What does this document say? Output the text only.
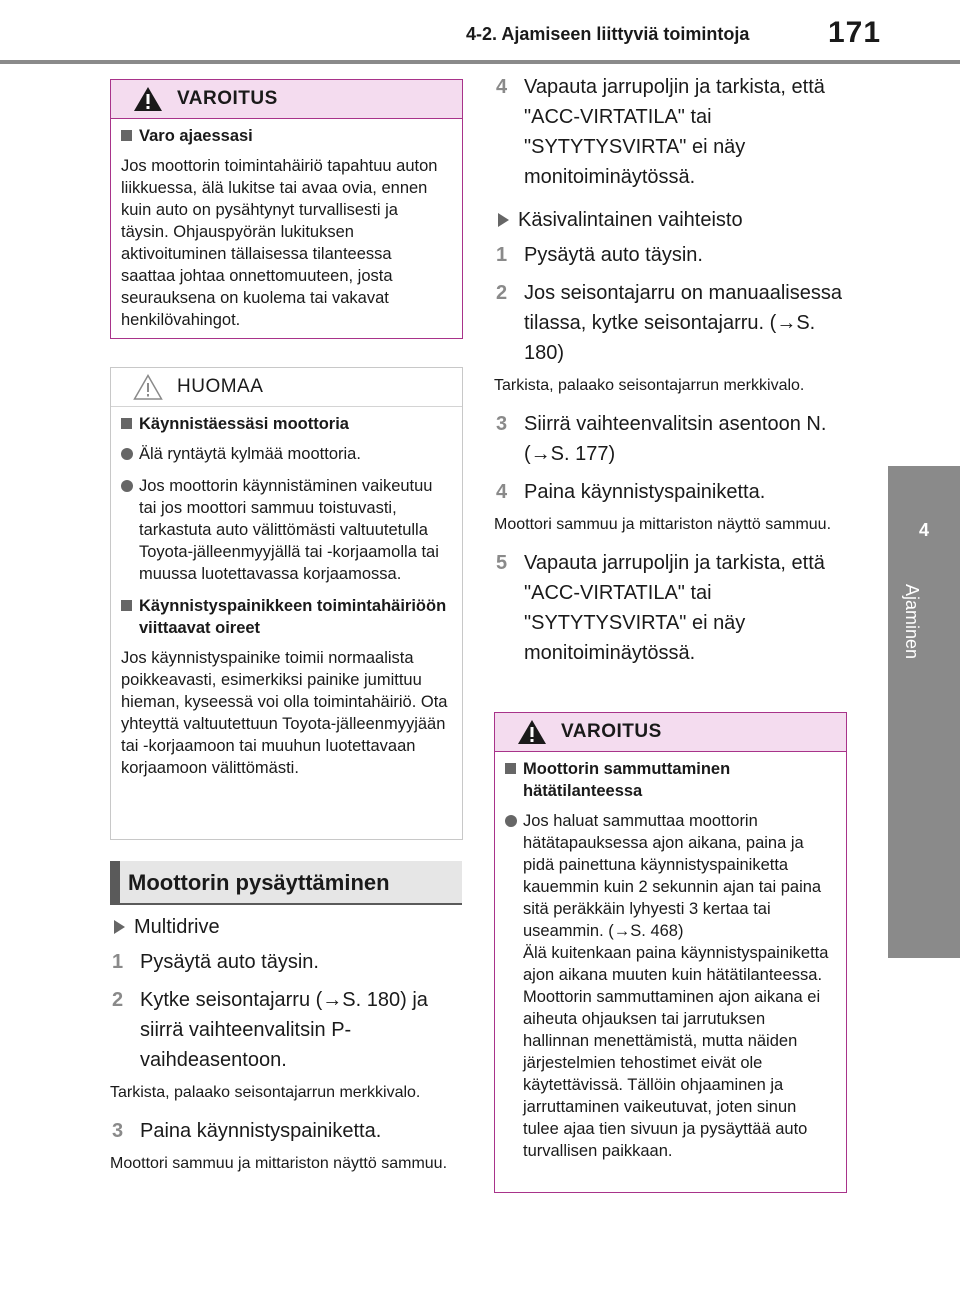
4-2. Ajamiseen liittyviä toimintoja	171
4
Ajaminen
VAROITUS
Varo ajaessasi
Jos moottorin toimintahäiriö tapahtuu auton liikkuessa, älä lukitse tai avaa ovia, ennen kuin auto on pysähtynyt turvallisesti ja täysin. Ohjauspyörän lukituksen aktivoituminen tällaisessa tilanteessa saattaa johtaa onnettomuuteen, josta seurauksena on kuolema tai vakavat henkilövahingot.
HUOMAA
Käynnistäessäsi moottoria
Älä ryntäytä kylmää moottoria.
Jos moottorin käynnistäminen vaikeutuu tai jos moottori sammuu toistuvasti, tarkastuta auto välittömästi valtuutetulla Toyota-jälleenmyyjällä tai -korjaamolla tai muussa luotettavassa korjaamossa.
Käynnistyspainikkeen toimintahäiriöön viittaavat oireet
Jos käynnistyspainike toimii normaalista poikkeavasti, esimerkiksi painike jumittuu hieman, kyseessä voi olla toimintahäiriö. Ota yhteyttä valtuutettuun Toyota-jälleenmyyjään tai -korjaamoon tai muuhun luotettavaan korjaamoon välittömästi.
Moottorin pysäyttäminen
Multidrive
1 Pysäytä auto täysin.
2 Kytke seisontajarru (→S. 180) ja siirrä vaihteenvalitsin P-vaihdeasentoon.
Tarkista, palaako seisontajarrun merkkivalo.
3 Paina käynnistyspainiketta.
Moottori sammuu ja mittariston näyttö sammuu.
4 Vapauta jarrupoljin ja tarkista, että "ACC-VIRTATILA" tai "SYTYTYSVIRTA" ei näy monitoiminäytössä.
Käsivalintainen vaihteisto
1 Pysäytä auto täysin.
2 Jos seisontajarru on manuaalisessa tilassa, kytke seisontajarru. (→S. 180)
Tarkista, palaako seisontajarrun merkkivalo.
3 Siirrä vaihteenvalitsin asentoon N. (→S. 177)
4 Paina käynnistyspainiketta.
Moottori sammuu ja mittariston näyttö sammuu.
5 Vapauta jarrupoljin ja tarkista, että "ACC-VIRTATILA" tai "SYTYTYSVIRTA" ei näy monitoiminäytössä.
VAROITUS
Moottorin sammuttaminen hätätilanteessa
Jos haluat sammuttaa moottorin hätätapauksessa ajon aikana, paina ja pidä painettuna käynnistyspainiketta kauemmin kuin 2 sekunnin ajan tai paina sitä peräkkäin lyhyesti 3 kertaa tai useammin. (→S. 468)
Älä kuitenkaan paina käynnistyspainiketta ajon aikana muuten kuin hätätilanteessa. Moottorin sammuttaminen ajon aikana ei aiheuta ohjauksen tai jarrutuksen hallinnan menettämistä, mutta näiden järjestelmien tehostimet eivät ole käytettävissä. Tällöin ohjaaminen ja jarruttaminen vaikeutuvat, joten sinun tulee ajaa tien sivuun ja pysäyttää auto turvallisen paikkaan.
